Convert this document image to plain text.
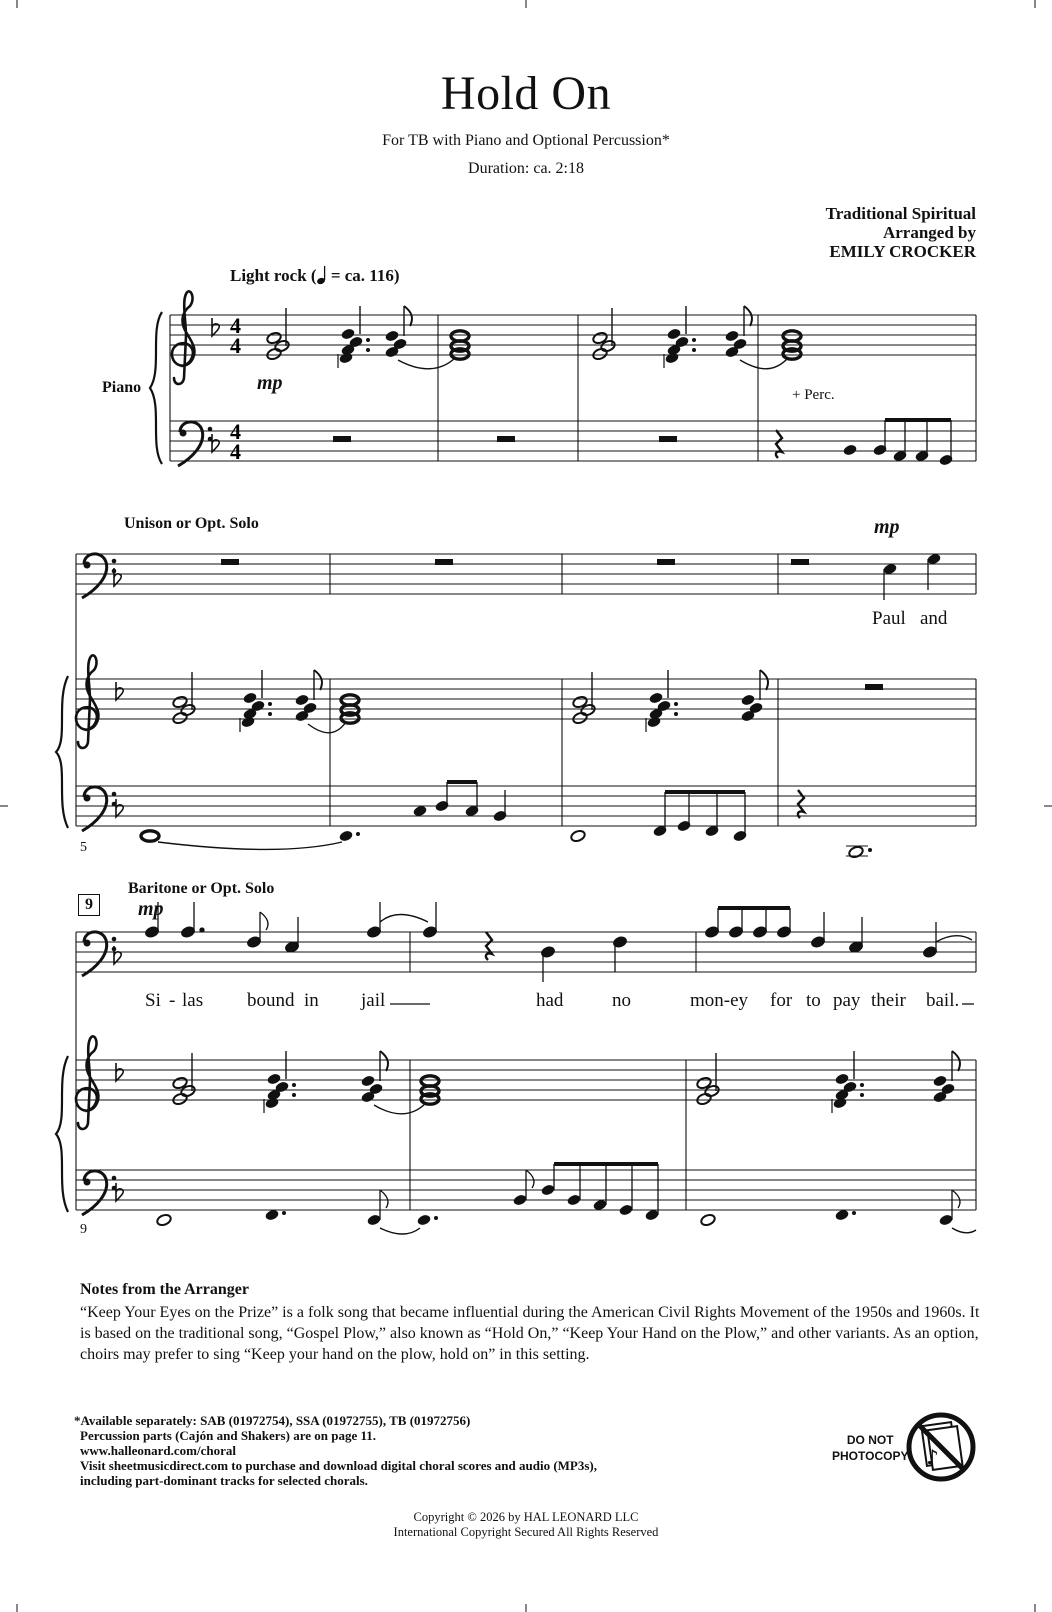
Hold On
For TB with Piano and Optional Percussion*
Duration: ca. 2:18
Traditional Spiritual
Arranged by
EMILY CROCKER
Light rock (
= ca. 116)
Piano	+ Perc.
mp
Unison or Opt. Solo	mp
Paul and
5
9
Baritone or Opt. Solo
mp
Si - las bound in jail	had	no	mon-ey for to pay their bail.
9
Notes from the Arranger
“Keep Your Eyes on the Prize” is a folk song that became influential during the American Civil Rights Movement of the 1950s and 1960s. It is based on the traditional song, “Gospel Plow,” also known as “Hold On,” “Keep Your Hand on the Plow,” and other variants. As an option, choirs may prefer to sing “Keep your hand on the plow, hold on” in this setting.
*Available separately: SAB (01972754), SSA (01972755), TB (01972756)
Percussion parts (Cajón and Shakers) are on page 11.
www.halleonard.com/choral
Visit sheetmusicdirect.com to purchase and download digital choral scores and audio (MP3s),
including part-dominant tracks for selected chorals.
Copyright © 2026 by HAL LEONARD LLC
International Copyright Secured All Rights Reserved
DO NOT
PHOTOCOPY
4
4
4
4
♪
